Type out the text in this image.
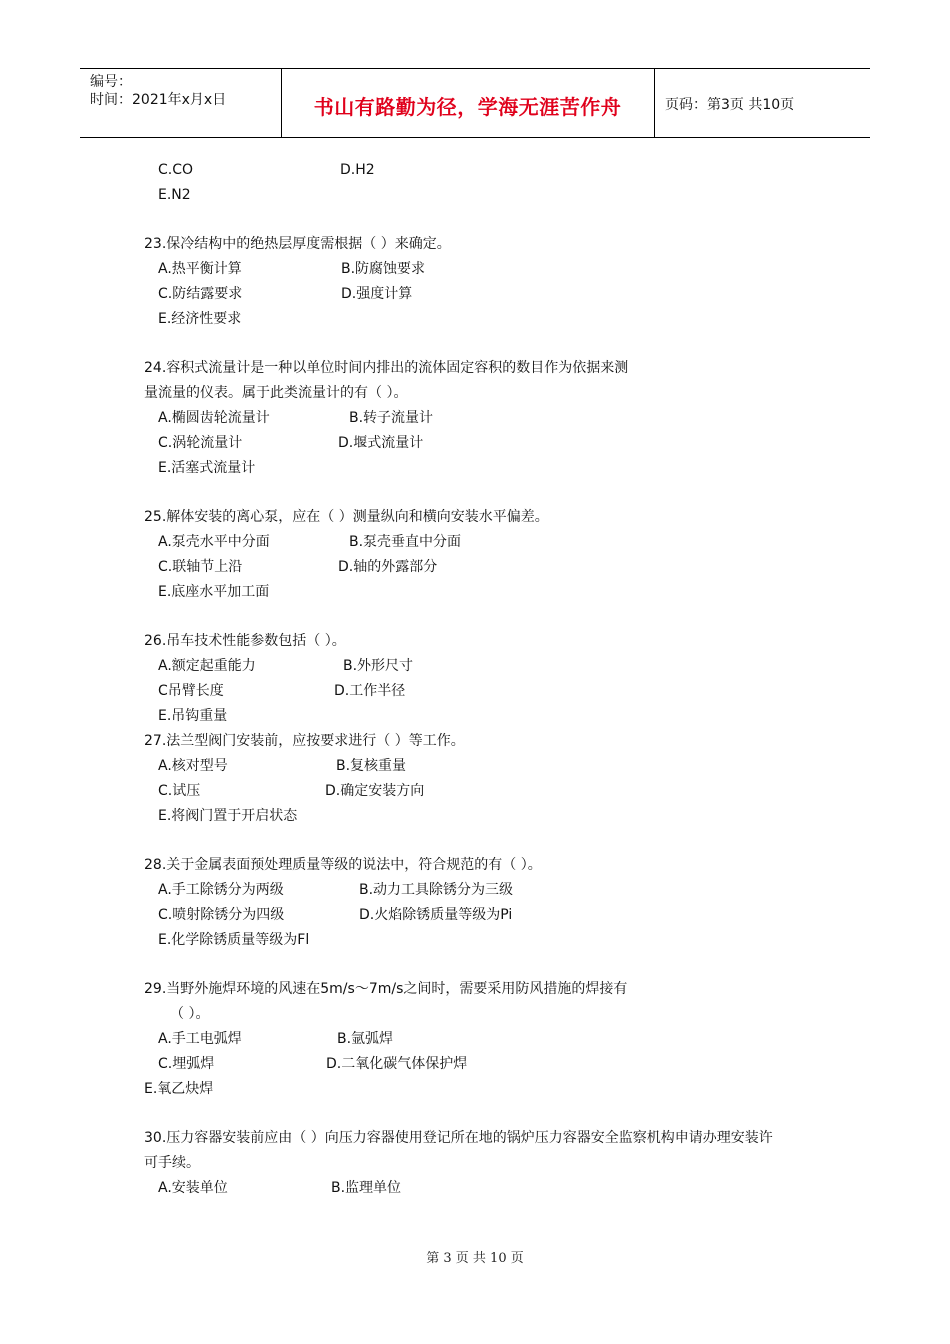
编号：
时间：2021年x月x日	书山有路勤为径，学海无涯苦作舟	页码：第3页 共10页
C.CO	D.H2
E.N2
23.保冷结构中的绝热层厚度需根据（ ）来确定。
A.热平衡计算	B.防腐蚀要求
C.防结露要求	D.强度计算
E.经济性要求
24.容积式流量计是一种以单位时间内排出的流体固定容积的数目作为依据来测
量流量的仪表。属于此类流量计的有（ ）。
A.椭圆齿轮流量计	B.转子流量计
C.涡轮流量计	D.堰式流量计
E.活塞式流量计
25.解体安装的离心泵，应在（ ）测量纵向和横向安装水平偏差。
A.泵壳水平中分面	B.泵壳垂直中分面
C.联轴节上沿	D.轴的外露部分
E.底座水平加工面
26.吊车技术性能参数包括（ ）。
A.额定起重能力	B.外形尺寸
C吊臂长度	D.工作半径
E.吊钩重量
27.法兰型阀门安装前，应按要求进行（ ）等工作。
A.核对型号	B.复核重量
C.试压	D.确定安装方向
E.将阀门置于开启状态
28.关于金属表面预处理质量等级的说法中，符合规范的有（ ）。
A.手工除锈分为两级	B.动力工具除锈分为三级
C.喷射除锈分为四级	D.火焰除锈质量等级为Pi
E.化学除锈质量等级为Fl
29.当野外施焊环境的风速在5m/s～7m/s之间时，需要采用防风措施的焊接有
（ ）。
A.手工电弧焊	B.氩弧焊
C.埋弧焊	D.二氧化碳气体保护焊
E.氧乙炔焊
30.压力容器安装前应由（ ）向压力容器使用登记所在地的锅炉压力容器安全监察机构申请办理安装许
可手续。
A.安装单位	B.监理单位
第 3 页 共 10 页
